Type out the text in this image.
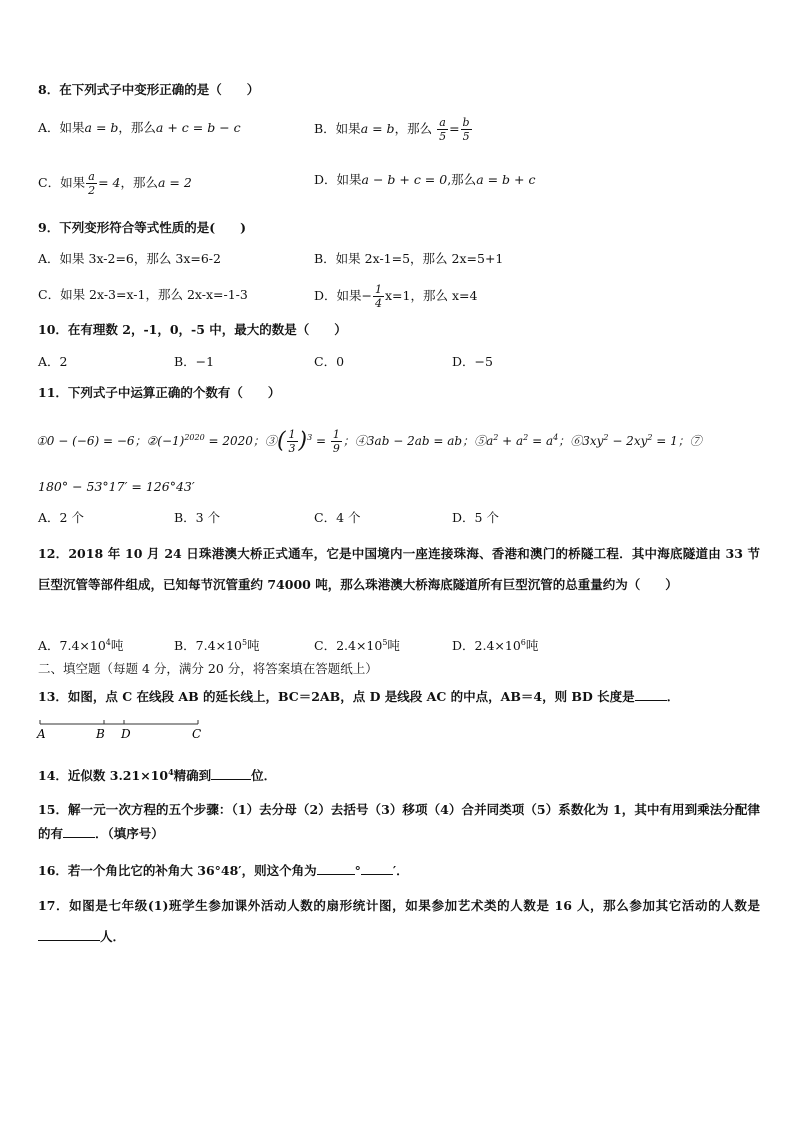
8．在下列式子中变形正确的是（　　）
A．如果a = b，那么a + c = b − c	B．如果a = b，那么 $\frac{a}{5} = \frac{b}{5}$
C．如果 $\frac{a}{2} = 4$，那么a = 2	D．如果a − b + c = 0,那么a = b + c
9．下列变形符合等式性质的是(　　)
A．如果 3x-2=6，那么 3x=6-2	B．如果 2x-1=5，那么 2x=5+1
C．如果 2x-3=x-1，那么 2x-x=-1-3	D．如果− $\frac{1}{4} x=1$，那么 x=4
10．在有理数 2，-1，0，-5 中，最大的数是（　　）
A．2	B．−1	C．0	D．−5
11．下列式子中运算正确的个数有（　　）
①0 − (−6) = −6；$②(-1)^{2020} = 2020$；③( $\frac{1}{3} )^3 = \frac{1}{9}$ ；④3ab − 2ab = ab；$⑤a^2 + a^2 = a^4$；$⑥3xy^2 - 2xy^2 = 1$；⑦
180° − 53°17′ = 126°43′
A．2 个	B．3 个	C．4 个	D．5 个
12．2018 年 10 月 24 日珠港澳大桥正式通车，它是中国境内一座连接珠海、香港和澳门的桥隧工程．其中海底隧道由 33 节巨型沉管等部件组成，已知每节沉管重约 74000 吨，那么珠港澳大桥海底隧道所有巨型沉管的总重量约为（　　）
A．$7.4\times 10^4$吨	B．$7.4\times 10^5$吨	C．$2.4\times 10^5$吨	D．$2.4\times 10^6$吨
二、填空题（每题 4 分，满分 20 分，将答案填在答题纸上）
13．如图，点 C 在线段 AB 的延长线上，BC＝2AB，点 D 是线段 AC 的中点，AB＝4，则 BD 长度是	．
A	B D	C
14．近似数 $3.21\times 10^4$精确到	位．
15．解一元一次方程的五个步骤：（1）去分母（2）去括号（3）移项（4）合并同类项（5）系数化为 1，其中有用到乘法分配律的有	．（填序号）
16．若一个角比它的补角大 36°48′，则这个角为	°	′．
17．如图是七年级(1)班学生参加课外活动人数的扇形统计图，如果参加艺术类的人数是 16 人，那么参加其它活动的人数是人．
